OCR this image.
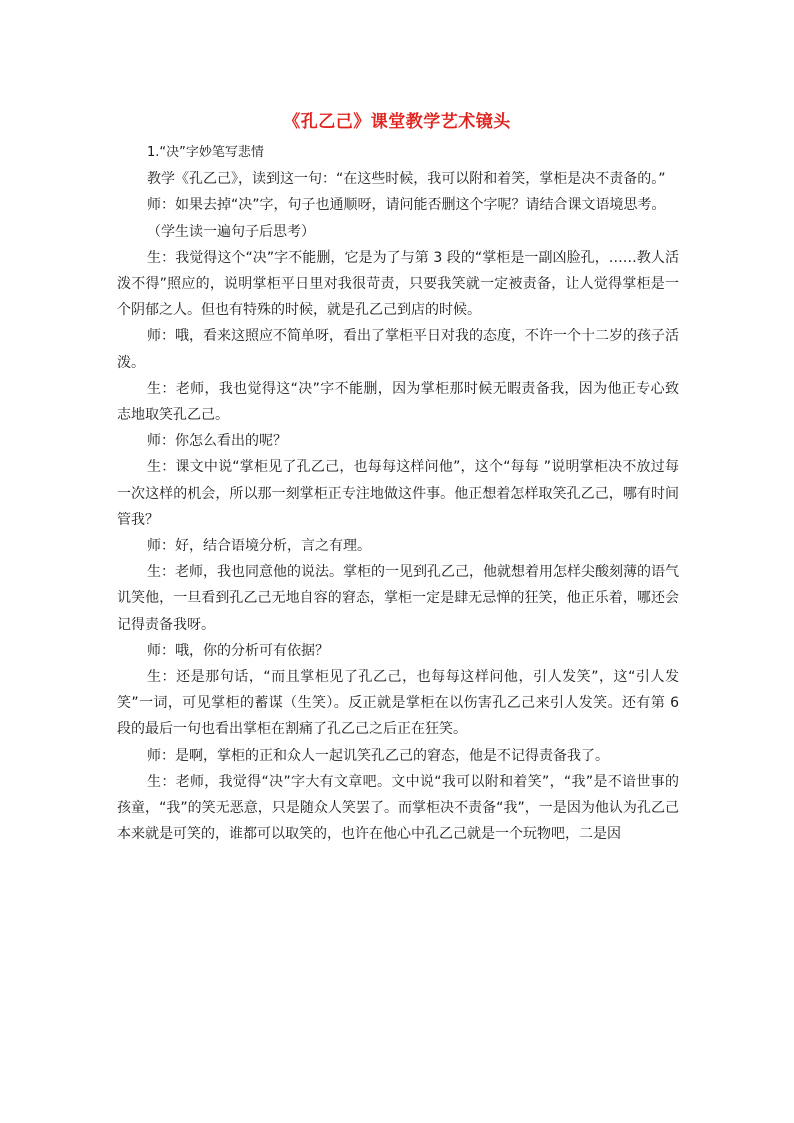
《孔乙己》课堂教学艺术镜头

1.“决”字妙笔写悲情

教学《孔乙己》，读到这一句：“在这些时候，我可以附和着笑，掌柜是决不责备的。”

师：如果去掉“决”字，句子也通顺呀，请问能否删这个字呢？请结合课文语境思考。

（学生读一遍句子后思考）

生：我觉得这个“决”字不能删，它是为了与第 3 段的“掌柜是一副凶脸孔，……教人活泼不得”照应的，说明掌柜平日里对我很苛责，只要我笑就一定被责备，让人觉得掌柜是一个阴郁之人。但也有特殊的时候，就是孔乙己到店的时候。

师：哦，看来这照应不简单呀，看出了掌柜平日对我的态度，不许一个十二岁的孩子活泼。

生：老师，我也觉得这“决”字不能删，因为掌柜那时候无暇责备我，因为他正专心致志地取笑孔乙己。

师：你怎么看出的呢？

生：课文中说“掌柜见了孔乙己，也每每这样问他”，这个“每每 ”说明掌柜决不放过每一次这样的机会，所以那一刻掌柜正专注地做这件事。他正想着怎样取笑孔乙己，哪有时间管我？

师：好，结合语境分析，言之有理。

生：老师，我也同意他的说法。掌柜的一见到孔乙己，他就想着用怎样尖酸刻薄的语气讥笑他，一旦看到孔乙己无地自容的窘态，掌柜一定是肆无忌惮的狂笑，他正乐着，哪还会记得责备我呀。

师：哦，你的分析可有依据？

生：还是那句话，“而且掌柜见了孔乙己，也每每这样问他，引人发笑”，这“引人发笑”一词，可见掌柜的蓄谋（生笑）。反正就是掌柜在以伤害孔乙己来引人发笑。还有第 6 段的最后一句也看出掌柜在割痛了孔乙己之后正在狂笑。

师：是啊，掌柜的正和众人一起讥笑孔乙己的窘态，他是不记得责备我了。

生：老师，我觉得“决”字大有文章吧。文中说“我可以附和着笑”，“我”是不谙世事的孩童，“我”的笑无恶意，只是随众人笑罢了。而掌柜决不责备“我”，一是因为他认为孔乙己本来就是可笑的，谁都可以取笑的，也许在他心中孔乙己就是一个玩物吧，二是因
